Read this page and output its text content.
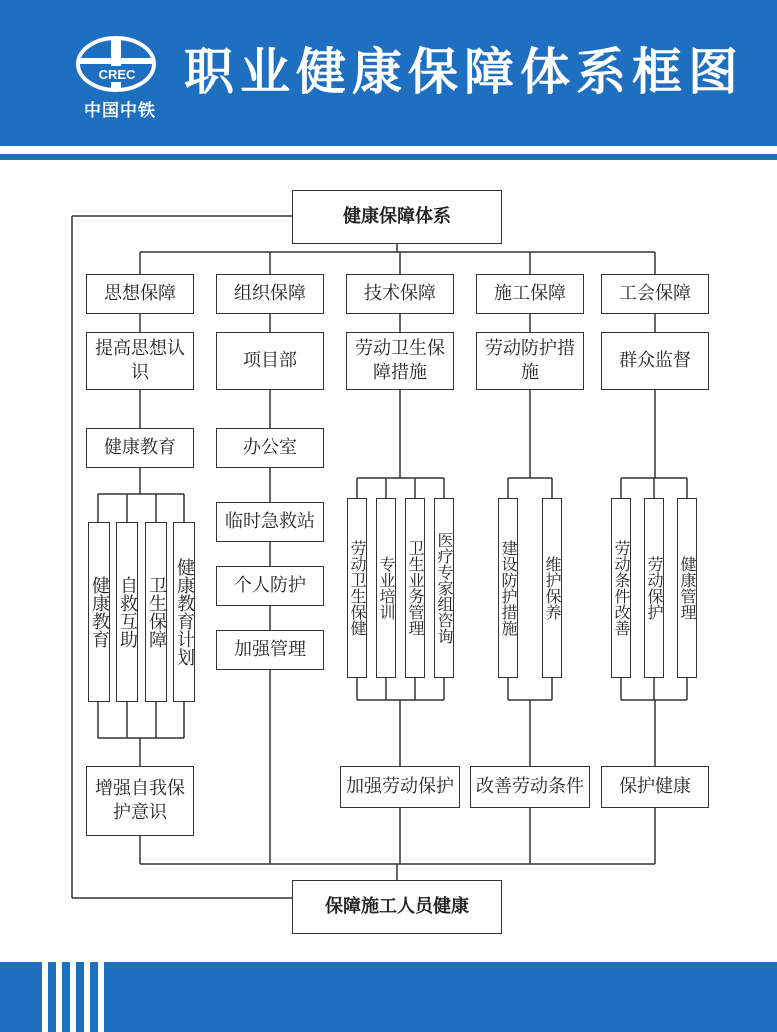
CREC
中国中铁
职业健康保障体系框图
健康保障体系
保障施工人员健康
思想保障	组织保障	技术保障	施工保障	工会保障
提高思想认识
健康教育
健康教育 自救互助 卫生保障 健康教育计划
增强自我保护意识
项目部
办公室
临时急救站
个人防护
加强管理
劳动卫生保障措施
劳动卫生保健 专业培训 卫生业务管理 医疗专家组咨询
加强劳动保护
劳动防护措施
建设防护措施 维护保养
改善劳动条件
群众监督
劳动条件改善 劳动保护 健康管理
保护健康
